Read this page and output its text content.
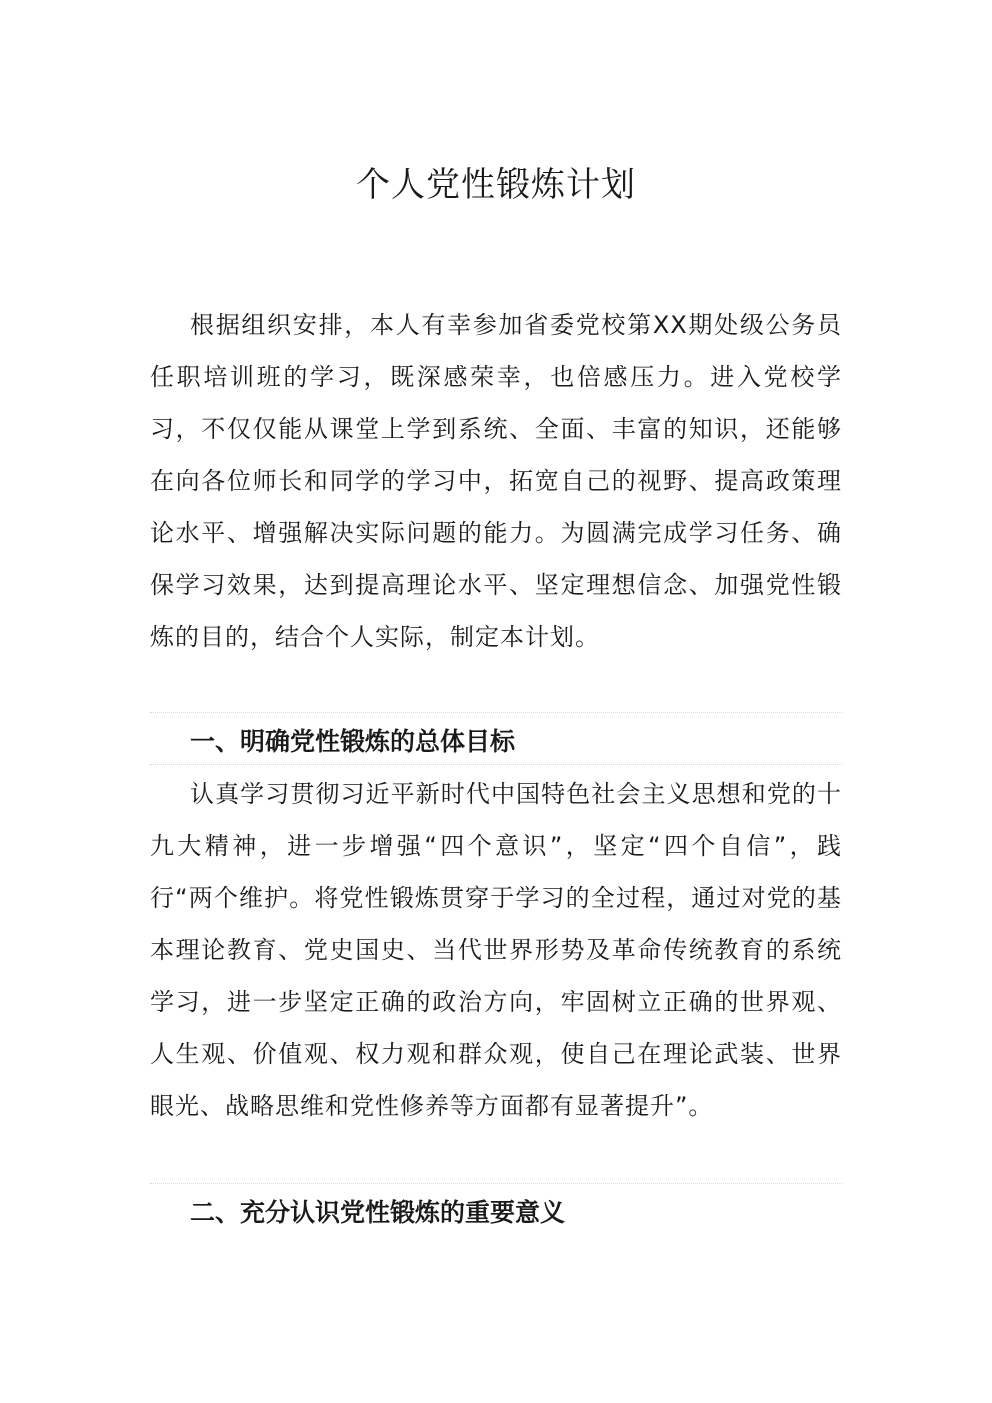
个人党性锻炼计划

根据组织安排，本人有幸参加省委党校第XX期处级公务员任职培训班的学习，既深感荣幸，也倍感压力。进入党校学习，不仅仅能从课堂上学到系统、全面、丰富的知识，还能够在向各位师长和同学的学习中，拓宽自己的视野、提高政策理论水平、增强解决实际问题的能力。为圆满完成学习任务、确保学习效果，达到提高理论水平、坚定理想信念、加强党性锻炼的目的，结合个人实际，制定本计划。

一、明确党性锻炼的总体目标

认真学习贯彻习近平新时代中国特色社会主义思想和党的十九大精神，进一步增强“四个意识”，坚定“四个自信”，践行“两个维护。将党性锻炼贯穿于学习的全过程，通过对党的基本理论教育、党史国史、当代世界形势及革命传统教育的系统学习，进一步坚定正确的政治方向，牢固树立正确的世界观、人生观、价值观、权力观和群众观，使自己在理论武装、世界眼光、战略思维和党性修养等方面都有显著提升”。

二、充分认识党性锻炼的重要意义
